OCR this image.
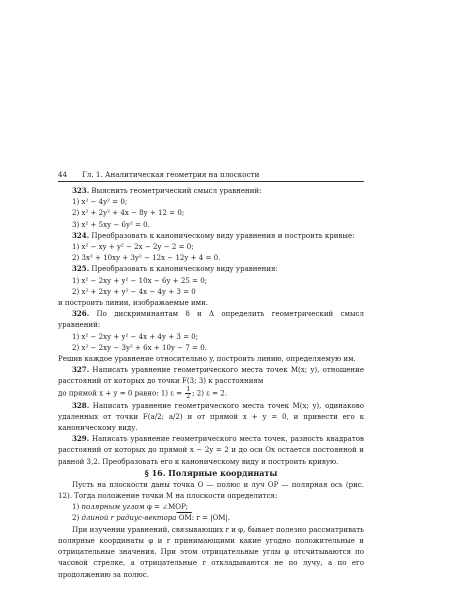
44 Гл. 1. Аналитическая геометрия на плоскости

323. Выяснить геометрический смысл уравнений:

1) x² − 4y² = 0;

2) x² + 2y² + 4x − 8y + 12 = 0;

3) x² + 5xy − 6y² = 0.

324. Преобразовать к каноническому виду уравнения и построить кривые:

1) x² − xy + y² − 2x − 2y − 2 = 0;

2) 3x² + 10xy + 3y² − 12x − 12y + 4 = 0.

325. Преобразовать к каноническому виду уравнения:

1) x² − 2xy + y² − 10x − 6y + 25 = 0;

2) x² + 2xy + y² − 4x − 4y + 3 = 0

и построить линии, изображаемые ими.

326. По дискриминантам δ и Δ определить геометрический смысл уравнений:

1) x² − 2xy + y² − 4x + 4y + 3 = 0;

2) x² − 2xy − 3y² + 6x + 10y − 7 = 0.

Решив каждое уравнение относительно y, построить линию, определяемую им.

327. Написать уравнение геометрического места точек M(x; y), отношение расстояний от которых до точки F(3; 3) к расстояниям

до прямой x + y = 0 равно: 1) $\varepsilon = \frac{1}{2}$ ; 2) ε = 2.

328. Написать уравнение геометрического места точек M(x; y), одинаково удаленных от точки F(a/2; a/2) и от прямой x + y = 0, и привести его к каноническому виду.

329. Написать уравнение геометрического места точек, разность квадратов расстояний от которых до прямой x − 2y = 2 и до оси Ox остается постоянной и равной 3,2. Преобразовать его к каноническому виду и построить кривую.

§ 16. Полярные координаты

Пусть на плоскости даны точка O — полюс и луч OP — полярная ось (рис. 12). Тогда положение точки M на плоскости определится:

1) полярным углом φ = ∠MOP;

2) длиной r радиус-вектора OM: r = |OM|.

При изучении уравнений, связывающих r и φ, бывает полезно рассматривать полярные координаты φ и r принимающими какие угодно положительные и отрицательные значения. При этом отрицательные углы φ отсчитываются по часовой стрелке, а отрицательные r откладываются не по лучу, а по его продолжению за полюс.
